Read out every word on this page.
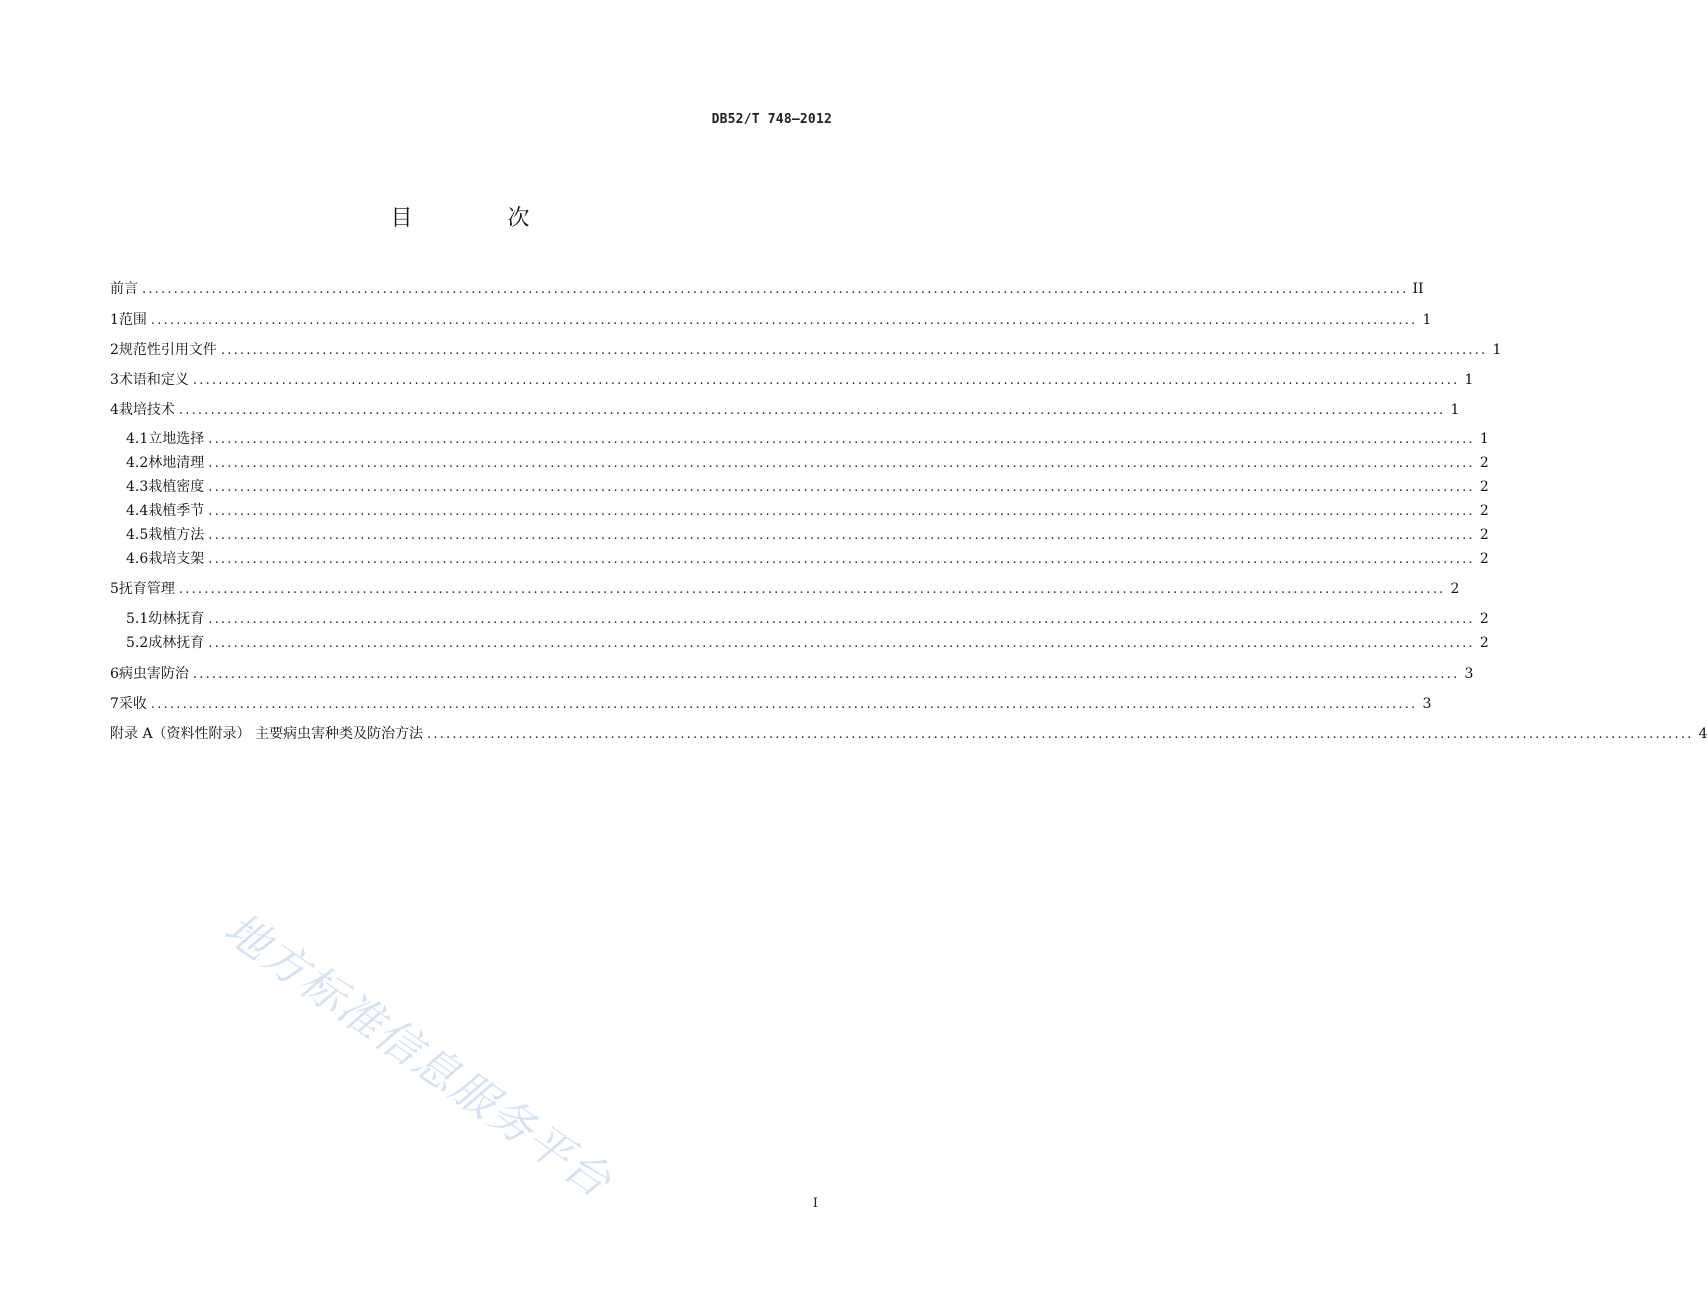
DB52/T 748—2012
目 次
前言 ........................................................................................................................................................................................................ II
1 范围 ........................................................................................................................................................................................................ 1
2 规范性引用文件 ........................................................................................................................................................................................................ 1
3 术语和定义 ........................................................................................................................................................................................................ 1
4 栽培技术 ........................................................................................................................................................................................................ 1
4.1 立地选择 ........................................................................................................................................................................................................ 1
4.2 林地清理 ........................................................................................................................................................................................................ 2
4.3 栽植密度 ........................................................................................................................................................................................................ 2
4.4 栽植季节 ........................................................................................................................................................................................................ 2
4.5 栽植方法 ........................................................................................................................................................................................................ 2
4.6 栽培支架 ........................................................................................................................................................................................................ 2
5 抚育管理 ........................................................................................................................................................................................................ 2
5.1 幼林抚育 ........................................................................................................................................................................................................ 2
5.2 成林抚育 ........................................................................................................................................................................................................ 2
6 病虫害防治 ........................................................................................................................................................................................................ 3
7 采收 ........................................................................................................................................................................................................ 3
附录 A（资料性附录） 主要病虫害种类及防治方法 ........................................................................................................................................................................................................ 4
地方标准信息服务平台	I
